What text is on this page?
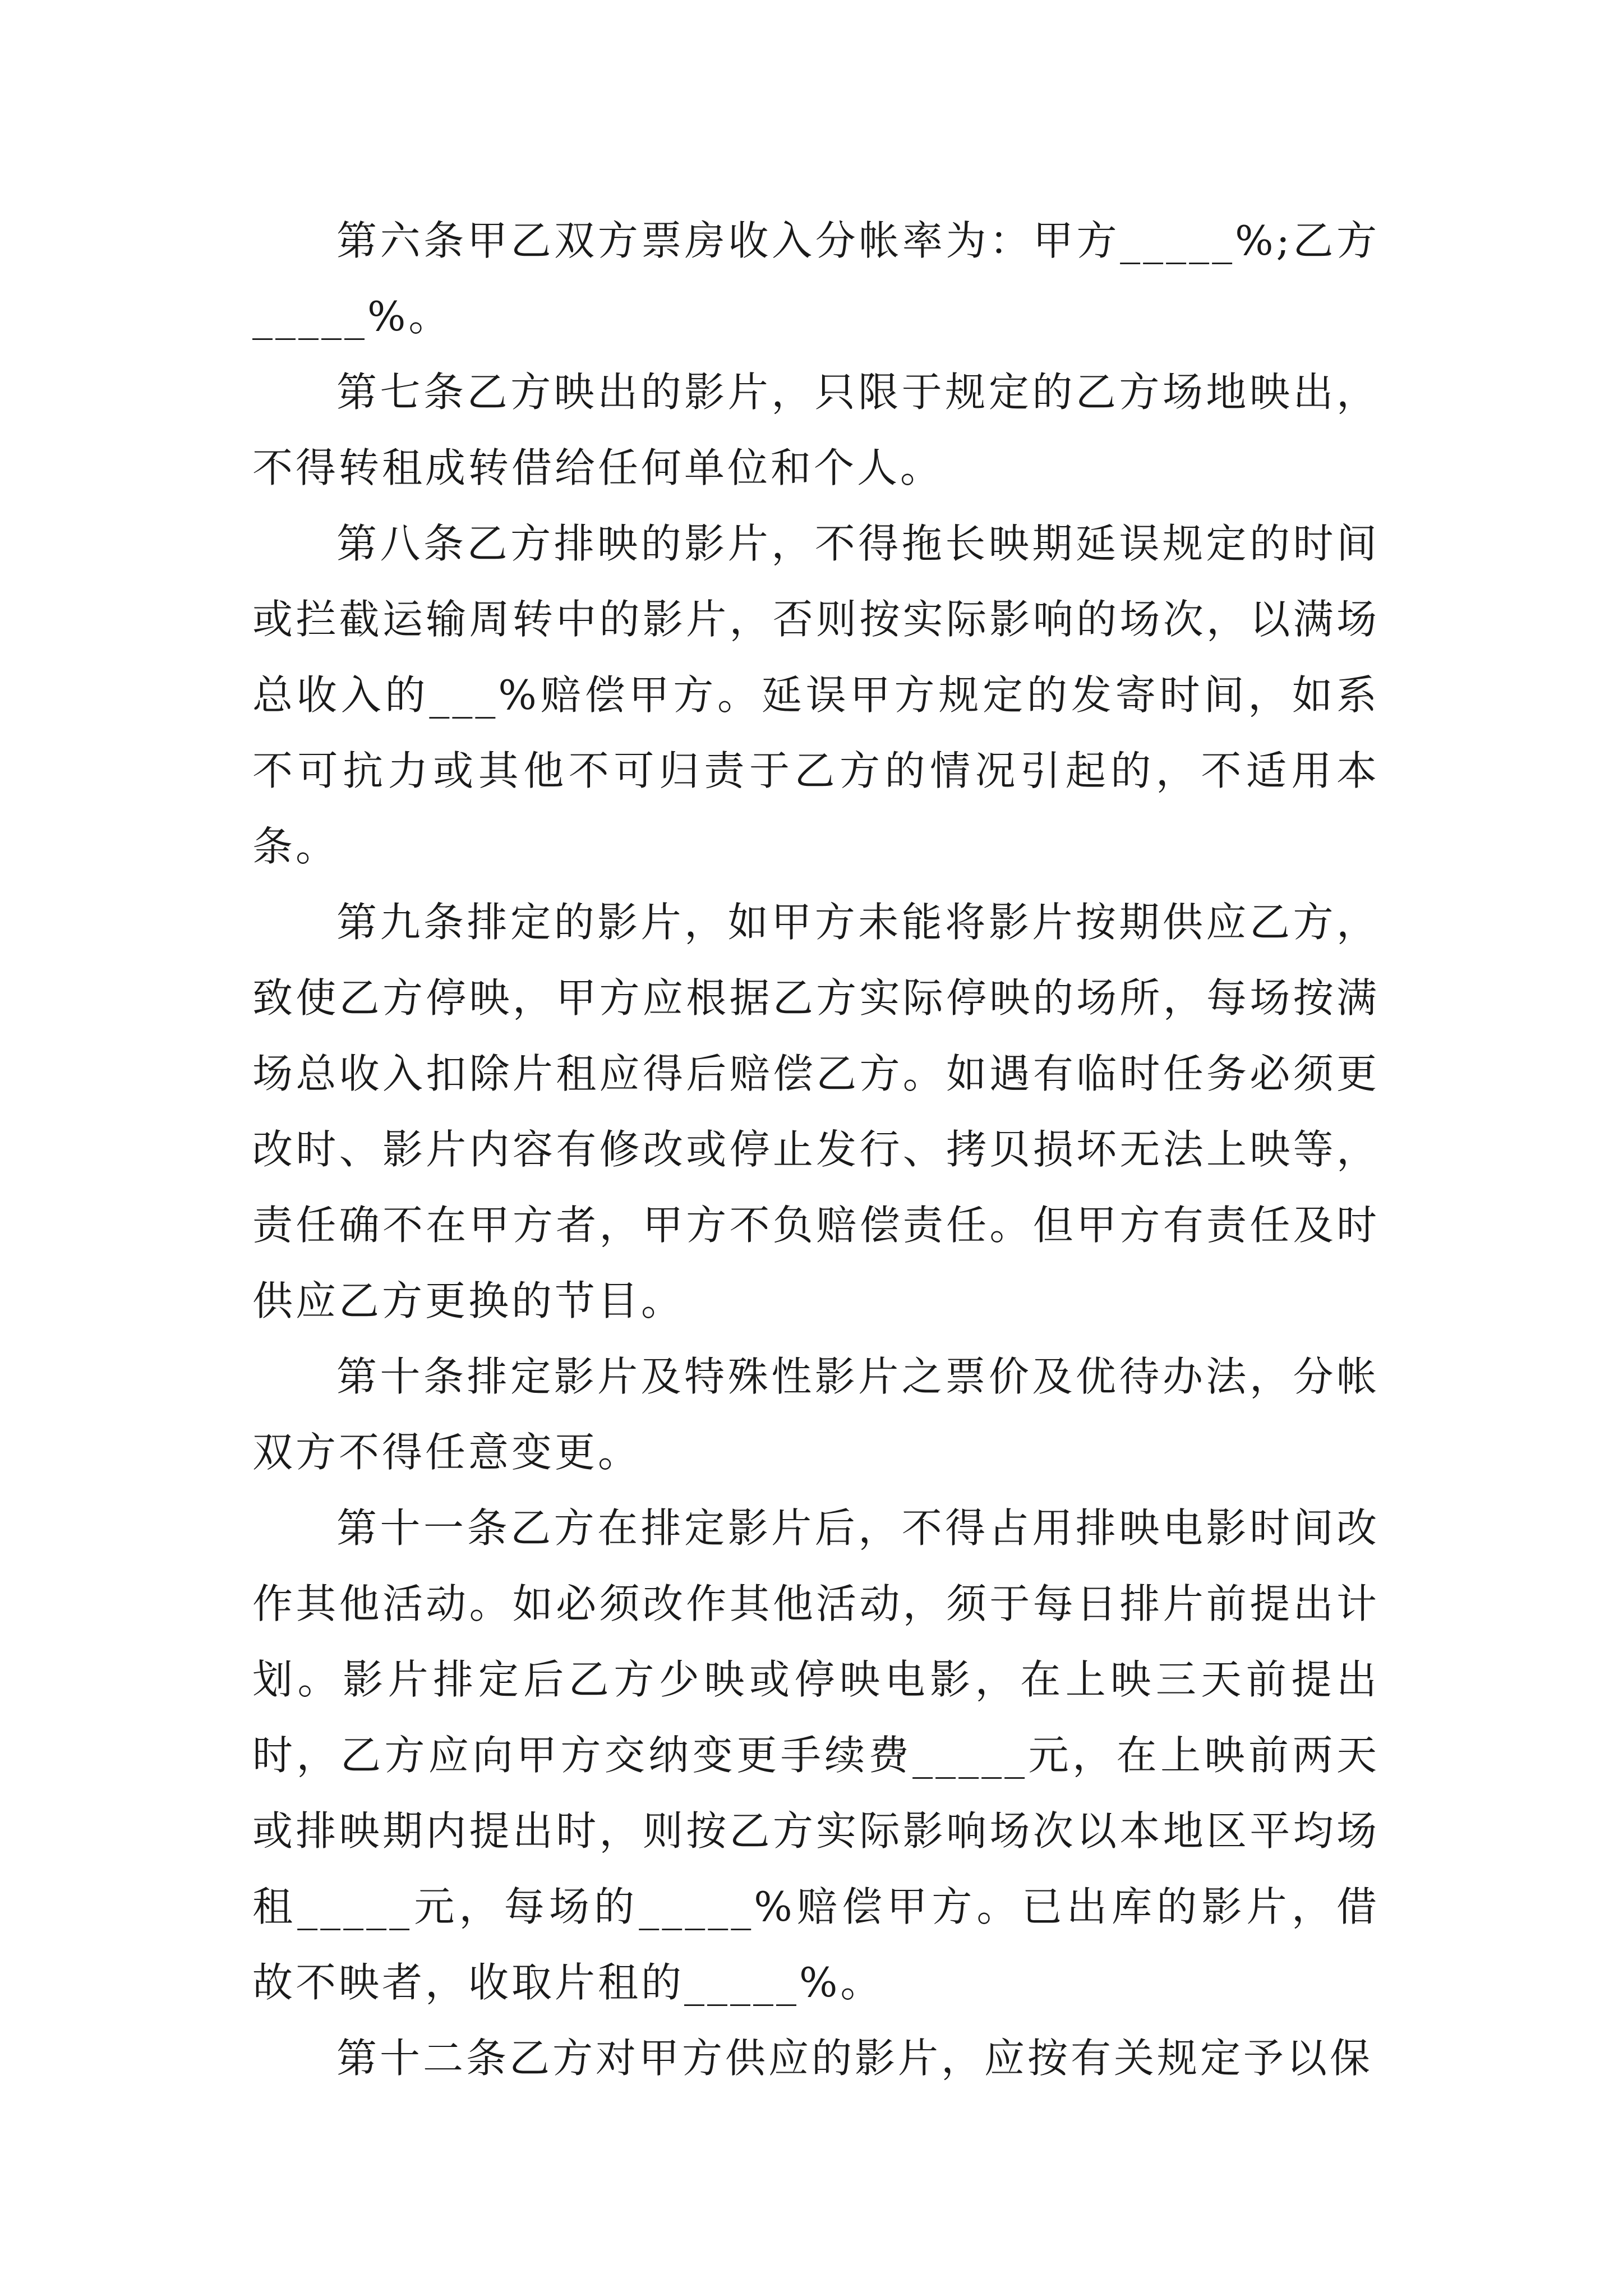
第六条甲乙双方票房收入分帐率为：甲方_____%;乙方_____%。

第七条乙方映出的影片，只限于规定的乙方场地映出，不得转租成转借给任何单位和个人。

第八条乙方排映的影片，不得拖长映期延误规定的时间或拦截运输周转中的影片，否则按实际影响的场次，以满场总收入的___%赔偿甲方。延误甲方规定的发寄时间，如系不可抗力或其他不可归责于乙方的情况引起的，不适用本条。

第九条排定的影片，如甲方未能将影片按期供应乙方，致使乙方停映，甲方应根据乙方实际停映的场所，每场按满场总收入扣除片租应得后赔偿乙方。如遇有临时任务必须更改时、影片内容有修改或停止发行、拷贝损坏无法上映等，责任确不在甲方者，甲方不负赔偿责任。但甲方有责任及时供应乙方更换的节目。

第十条排定影片及特殊性影片之票价及优待办法，分帐双方不得任意变更。

第十一条乙方在排定影片后，不得占用排映电影时间改作其他活动。如必须改作其他活动，须于每日排片前提出计划。影片排定后乙方少映或停映电影，在上映三天前提出时，乙方应向甲方交纳变更手续费_____元，在上映前两天或排映期内提出时，则按乙方实际影响场次以本地区平均场租_____元，每场的_____%赔偿甲方。已出库的影片，借故不映者，收取片租的_____%。

第十二条乙方对甲方供应的影片，应按有关规定予以保
